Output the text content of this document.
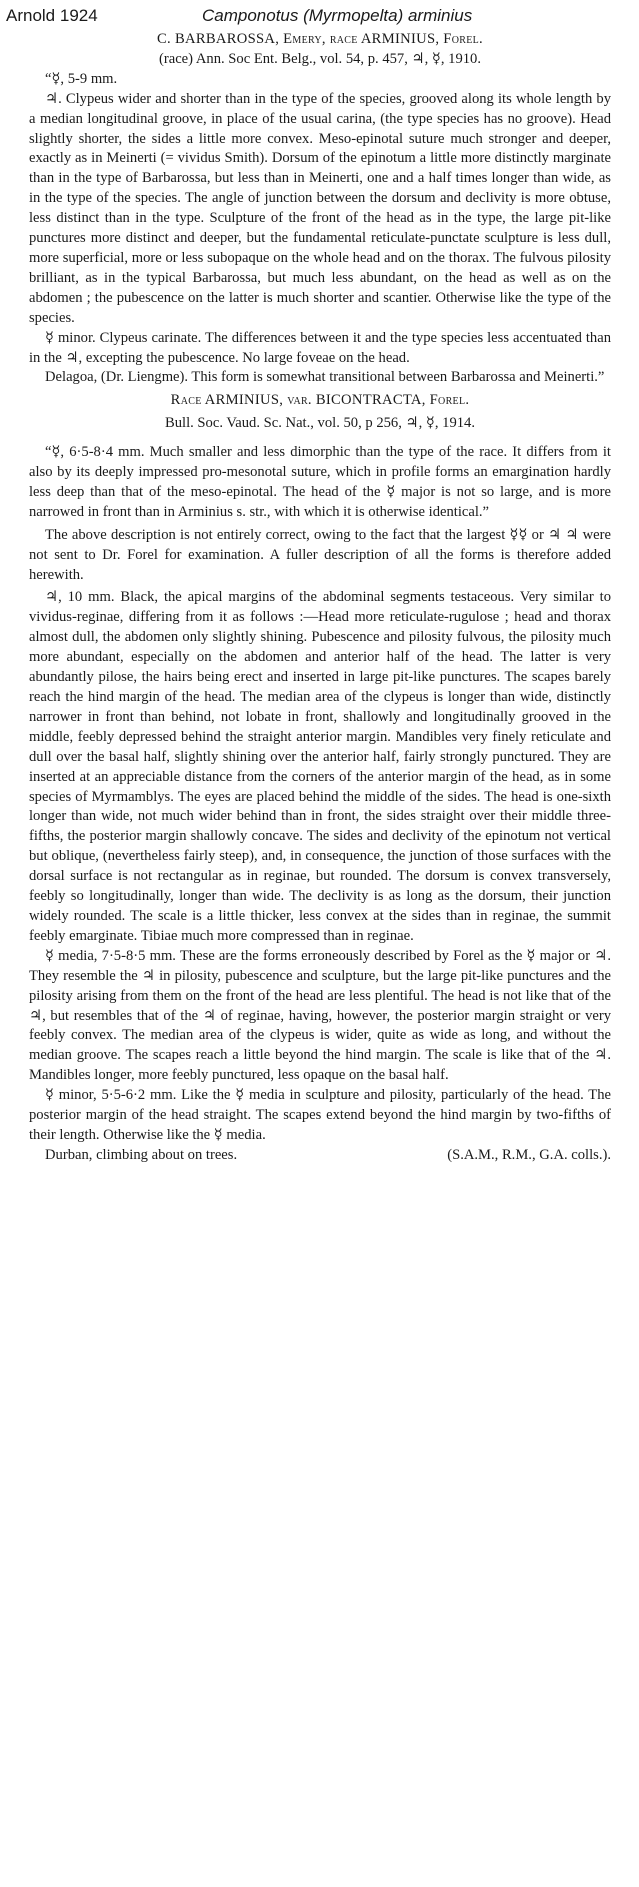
Arnold 1924	Camponotus (Myrmopelta) arminius

C. BARBAROSSA, Emery, race ARMINIUS, Forel.

(race) Ann. Soc Ent. Belg., vol. 54, p. 457, ♃, ☿, 1910.

“☿, 5-9 mm.

♃. Clypeus wider and shorter than in the type of the species, grooved along its whole length by a median longitudinal groove, in place of the usual carina, (the type species has no groove). Head slightly shorter, the sides a little more convex. Meso-epinotal suture much stronger and deeper, exactly as in Meinerti (= vividus Smith). Dorsum of the epinotum a little more distinctly marginate than in the type of Barbarossa, but less than in Meinerti, one and a half times longer than wide, as in the type of the species. The angle of junction between the dorsum and declivity is more obtuse, less distinct than in the type. Sculpture of the front of the head as in the type, the large pit-like punctures more distinct and deeper, but the fundamental reticulate-punctate sculpture is less dull, more superficial, more or less subopaque on the whole head and on the thorax. The fulvous pilosity brilliant, as in the typical Barbarossa, but much less abundant, on the head as well as on the abdomen ; the pubescence on the latter is much shorter and scantier. Otherwise like the type of the species.

☿ minor. Clypeus carinate. The differences between it and the type species less accentuated than in the ♃, excepting the pubescence. No large foveae on the head.

Delagoa, (Dr. Liengme). This form is somewhat transitional between Barbarossa and Meinerti.”

Race ARMINIUS, var. BICONTRACTA, Forel.

Bull. Soc. Vaud. Sc. Nat., vol. 50, p 256, ♃, ☿, 1914.

“☿, 6·5-8·4 mm. Much smaller and less dimorphic than the type of the race. It differs from it also by its deeply impressed pro-mesonotal suture, which in profile forms an emargination hardly less deep than that of the meso-epinotal. The head of the ☿ major is not so large, and is more narrowed in front than in Arminius s. str., with which it is otherwise identical.”

The above description is not entirely correct, owing to the fact that the largest ☿☿ or ♃ ♃ were not sent to Dr. Forel for examination. A fuller description of all the forms is therefore added herewith.

♃, 10 mm. Black, the apical margins of the abdominal segments testaceous. Very similar to vividus-reginae, differing from it as follows :—Head more reticulate-rugulose ; head and thorax almost dull, the abdomen only slightly shining. Pubescence and pilosity fulvous, the pilosity much more abundant, especially on the abdomen and anterior half of the head. The latter is very abundantly pilose, the hairs being erect and inserted in large pit-like punctures. The scapes barely reach the hind margin of the head. The median area of the clypeus is longer than wide, distinctly narrower in front than behind, not lobate in front, shallowly and longitudinally grooved in the middle, feebly depressed behind the straight anterior margin. Mandibles very finely reticulate and dull over the basal half, slightly shining over the anterior half, fairly strongly punctured. They are inserted at an appreciable distance from the corners of the anterior margin of the head, as in some species of Myrmamblys. The eyes are placed behind the middle of the sides. The head is one-sixth longer than wide, not much wider behind than in front, the sides straight over their middle three-fifths, the posterior margin shallowly concave. The sides and declivity of the epinotum not vertical but oblique, (nevertheless fairly steep), and, in consequence, the junction of those surfaces with the dorsal surface is not rectangular as in reginae, but rounded. The dorsum is convex transversely, feebly so longitudinally, longer than wide. The declivity is as long as the dorsum, their junction widely rounded. The scale is a little thicker, less convex at the sides than in reginae, the summit feebly emarginate. Tibiae much more compressed than in reginae.

☿ media, 7·5-8·5 mm. These are the forms erroneously described by Forel as the ☿ major or ♃. They resemble the ♃ in pilosity, pubescence and sculpture, but the large pit-like punctures and the pilosity arising from them on the front of the head are less plentiful. The head is not like that of the ♃, but resembles that of the ♃ of reginae, having, however, the posterior margin straight or very feebly convex. The median area of the clypeus is wider, quite as wide as long, and without the median groove. The scapes reach a little beyond the hind margin. The scale is like that of the ♃. Mandibles longer, more feebly punctured, less opaque on the basal half.

☿ minor, 5·5-6·2 mm. Like the ☿ media in sculpture and pilosity, particularly of the head. The posterior margin of the head straight. The scapes extend beyond the hind margin by two-fifths of their length. Otherwise like the ☿ media.

Durban, climbing about on trees.	(S.A.M., R.M., G.A. colls.).
